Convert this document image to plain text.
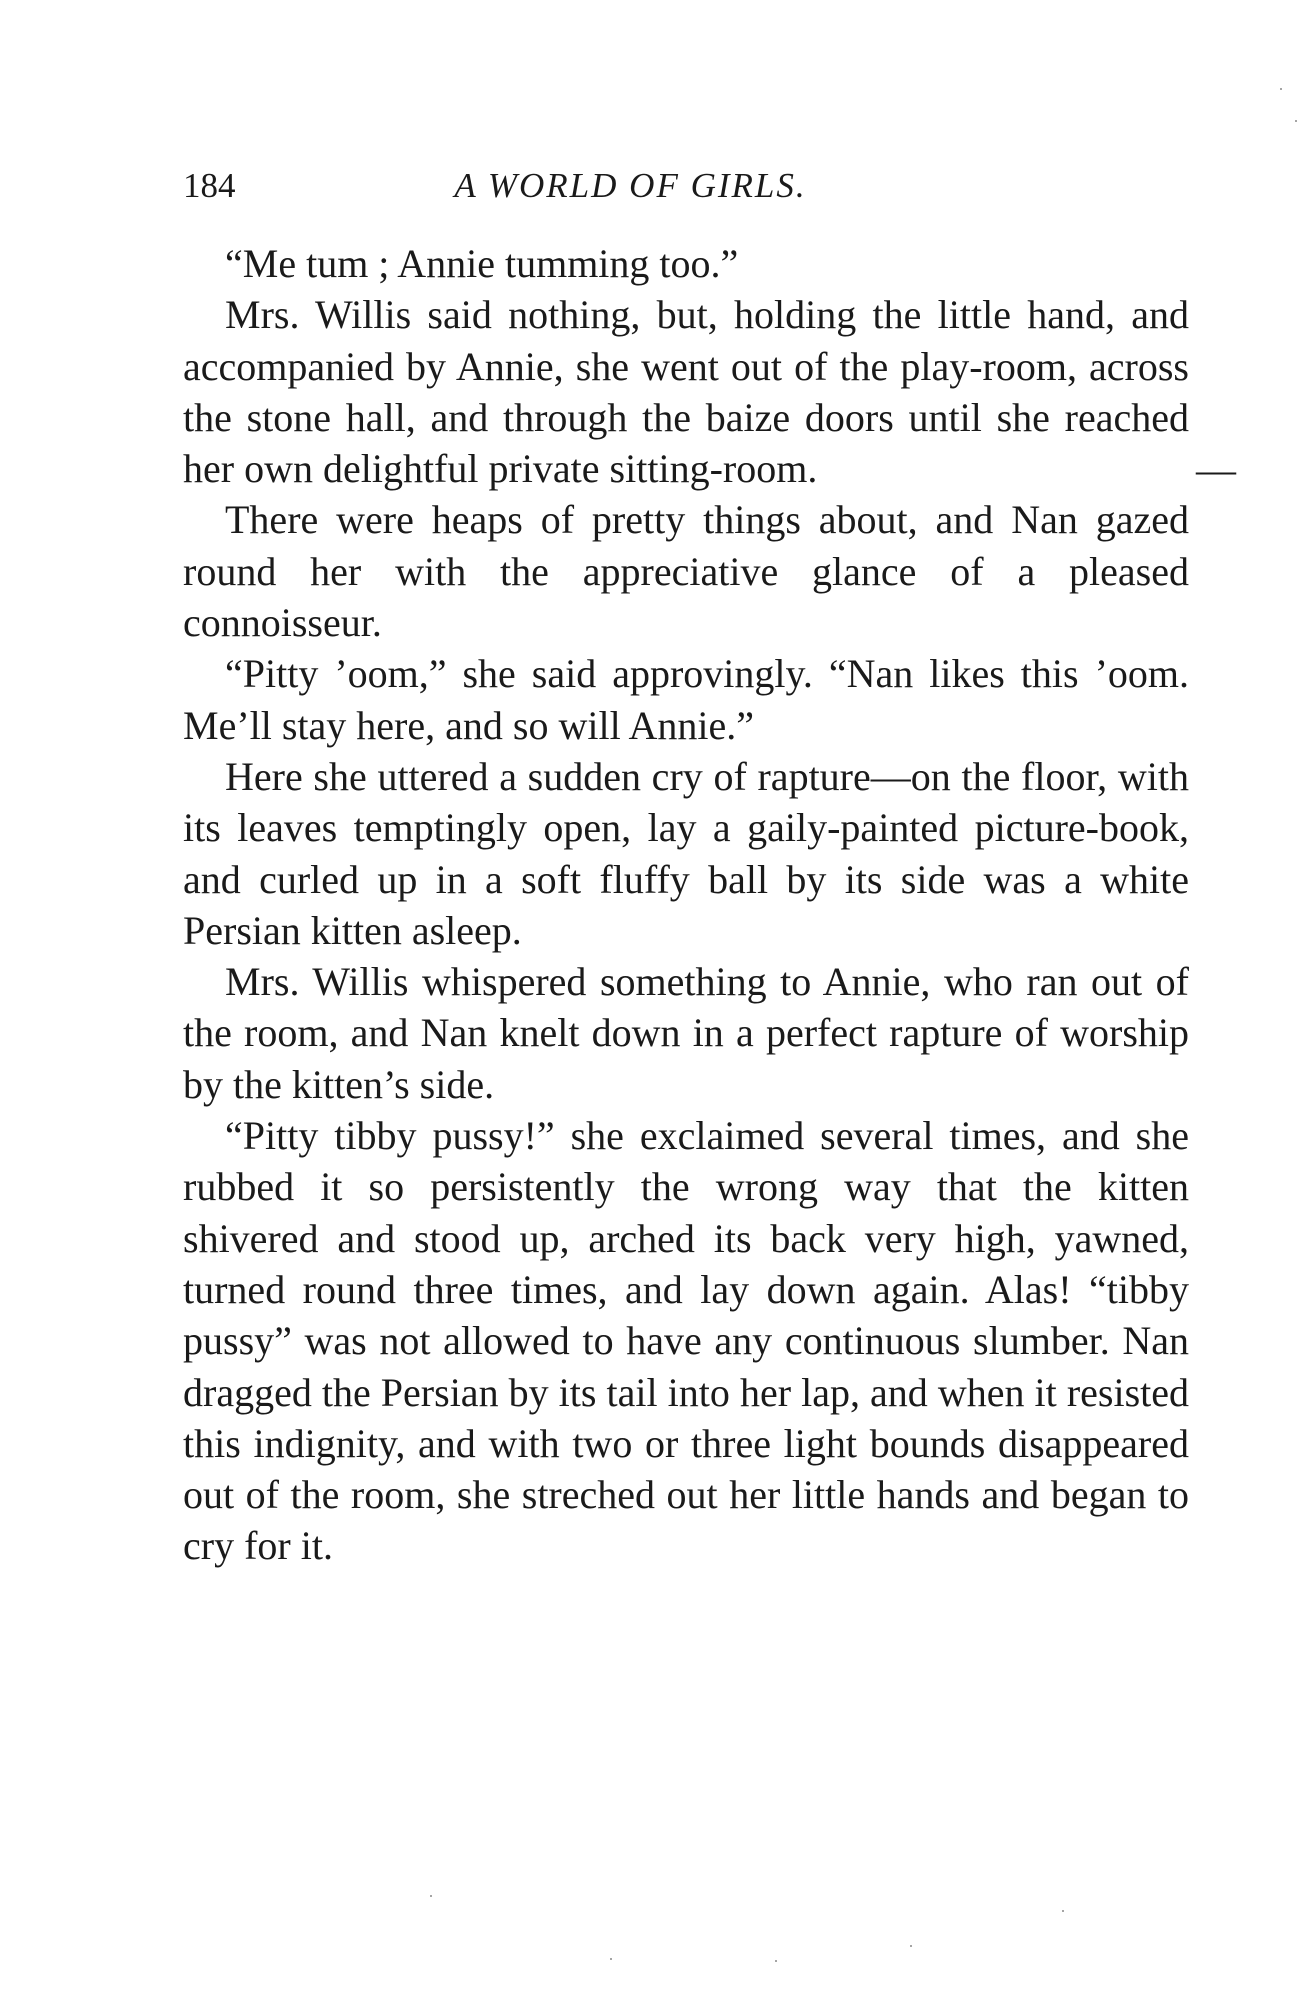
184	A WORLD OF GIRLS.

“Me tum ; Annie tumming too.”

Mrs. Willis said nothing, but, holding the little hand, and accompanied by Annie, she went out of the play-room, across the stone hall, and through the baize doors until she reached her own delightful private sitting-room.

There were heaps of pretty things about, and Nan gazed round her with the appreciative glance of a pleased connoisseur.

“Pitty ’oom,” she said approvingly. “Nan likes this ’oom. Me’ll stay here, and so will Annie.”

Here she uttered a sudden cry of rapture—on the floor, with its leaves temptingly open, lay a gaily-painted picture-book, and curled up in a soft fluffy ball by its side was a white Persian kitten asleep.

Mrs. Willis whispered something to Annie, who ran out of the room, and Nan knelt down in a perfect rapture of worship by the kitten’s side.

“Pitty tibby pussy!” she exclaimed several times, and she rubbed it so persistently the wrong way that the kitten shivered and stood up, arched its back very high, yawned, turned round three times, and lay down again. Alas! “tibby pussy” was not allowed to have any continuous slumber. Nan dragged the Persian by its tail into her lap, and when it resisted this indignity, and with two or three light bounds disappeared out of the room, she streched out her little hands and began to cry for it.

—
